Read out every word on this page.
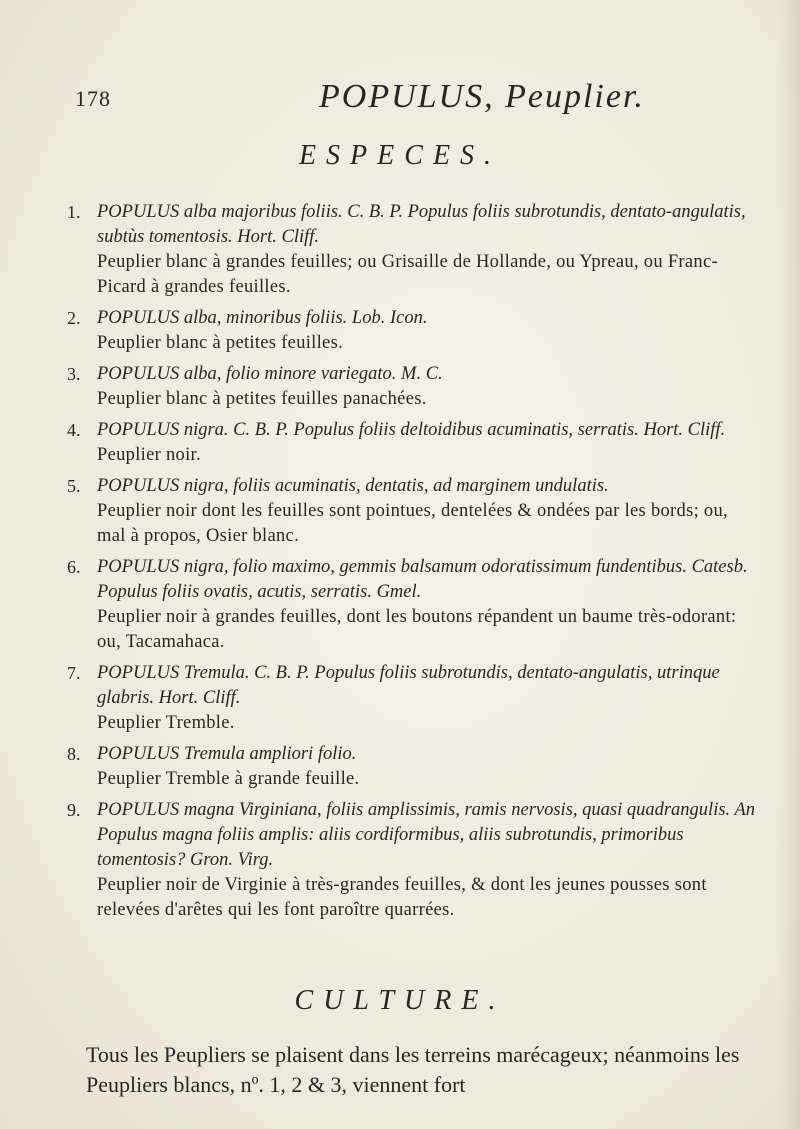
178	POPULUS, Peuplier.
ESPECES.
1. POPULUS alba majoribus foliis. C. B. P. Populus foliis subrotundis, dentato-angulatis, subtùs tomentosis. Hort. Cliff.
Peuplier blanc à grandes feuilles; ou Grisaille de Hollande, ou Ypreau, ou Franc-Picard à grandes feuilles.
2. POPULUS alba, minoribus foliis. Lob. Icon.
Peuplier blanc à petites feuilles.
3. POPULUS alba, folio minore variegato. M. C.
Peuplier blanc à petites feuilles panachées.
4. POPULUS nigra. C. B. P. Populus foliis deltoidibus acuminatis, serratis. Hort. Cliff.
Peuplier noir.
5. POPULUS nigra, foliis acuminatis, dentatis, ad marginem undulatis.
Peuplier noir dont les feuilles sont pointues, dentelées & ondées par les bords; ou, mal à propos, Osier blanc.
6. POPULUS nigra, folio maximo, gemmis balsamum odoratissimum fundentibus. Catesb. Populus foliis ovatis, acutis, serratis. Gmel.
Peuplier noir à grandes feuilles, dont les boutons répandent un baume très-odorant: ou, Tacamahaca.
7. POPULUS Tremula. C. B. P. Populus foliis subrotundis, dentato-angulatis, utrinque glabris. Hort. Cliff.
Peuplier Tremble.
8. POPULUS Tremula ampliori folio.
Peuplier Tremble à grande feuille.
9. POPULUS magna Virginiana, foliis amplissimis, ramis nervosis, quasi quadrangulis. An Populus magna foliis amplis: aliis cordiformibus, aliis subrotundis, primoribus tomentosis? Gron. Virg.
Peuplier noir de Virginie à très-grandes feuilles, & dont les jeunes pousses sont relevées d'arêtes qui les font paroître quarrées.
CULTURE.
Tous les Peupliers se plaisent dans les terreins marécageux; néanmoins les Peupliers blancs, nº. 1, 2 & 3, viennent fort
